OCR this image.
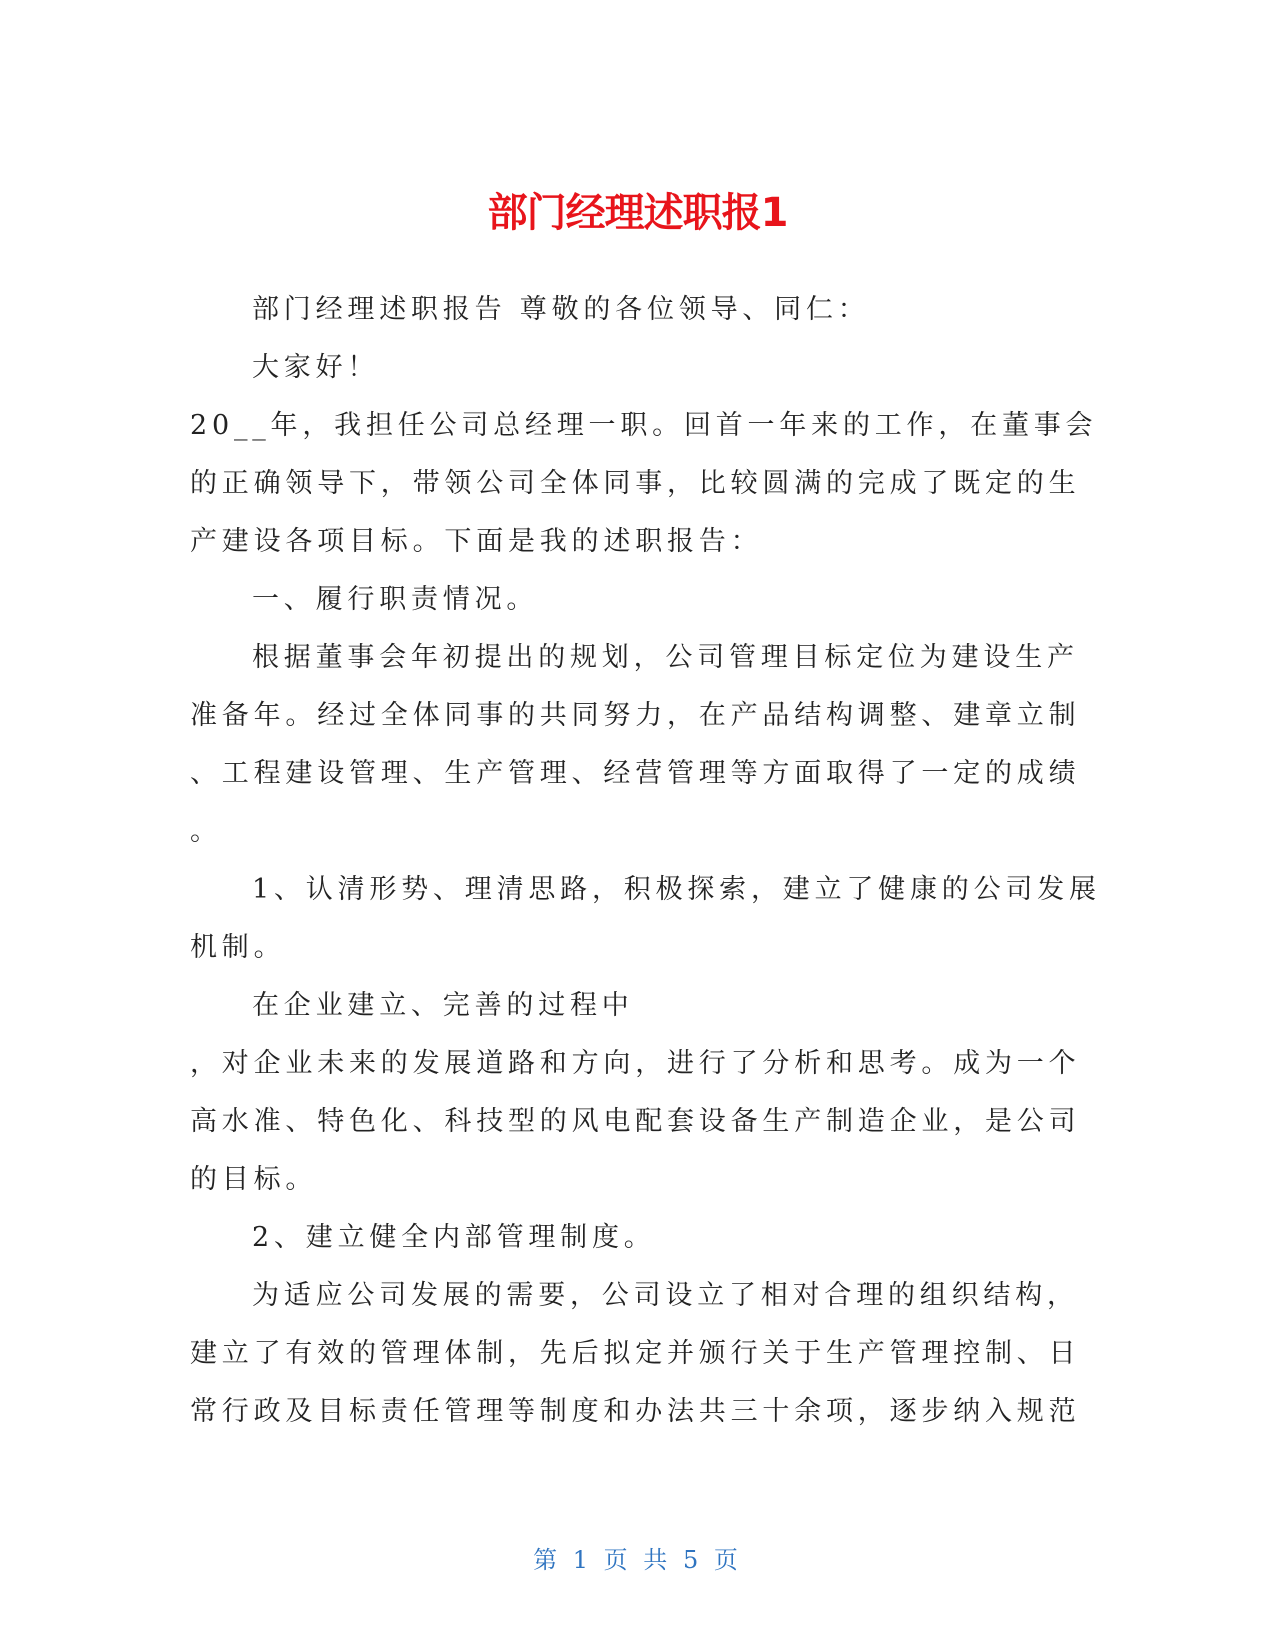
部门经理述职报1

部门经理述职报告 尊敬的各位领导、同仁：

大家好！

20__年，我担任公司总经理一职。回首一年来的工作，在董事会

的正确领导下，带领公司全体同事，比较圆满的完成了既定的生

产建设各项目标。下面是我的述职报告：

一、履行职责情况。

根据董事会年初提出的规划，公司管理目标定位为建设生产

准备年。经过全体同事的共同努力，在产品结构调整、建章立制

、工程建设管理、生产管理、经营管理等方面取得了一定的成绩

。

1、认清形势、理清思路，积极探索，建立了健康的公司发展

机制。

在企业建立、完善的过程中

，对企业未来的发展道路和方向，进行了分析和思考。成为一个

高水准、特色化、科技型的风电配套设备生产制造企业，是公司

的目标。

2、建立健全内部管理制度。

为适应公司发展的需要，公司设立了相对合理的组织结构，

建立了有效的管理体制，先后拟定并颁行关于生产管理控制、日

常行政及目标责任管理等制度和办法共三十余项，逐步纳入规范

第 1 页 共 5 页
